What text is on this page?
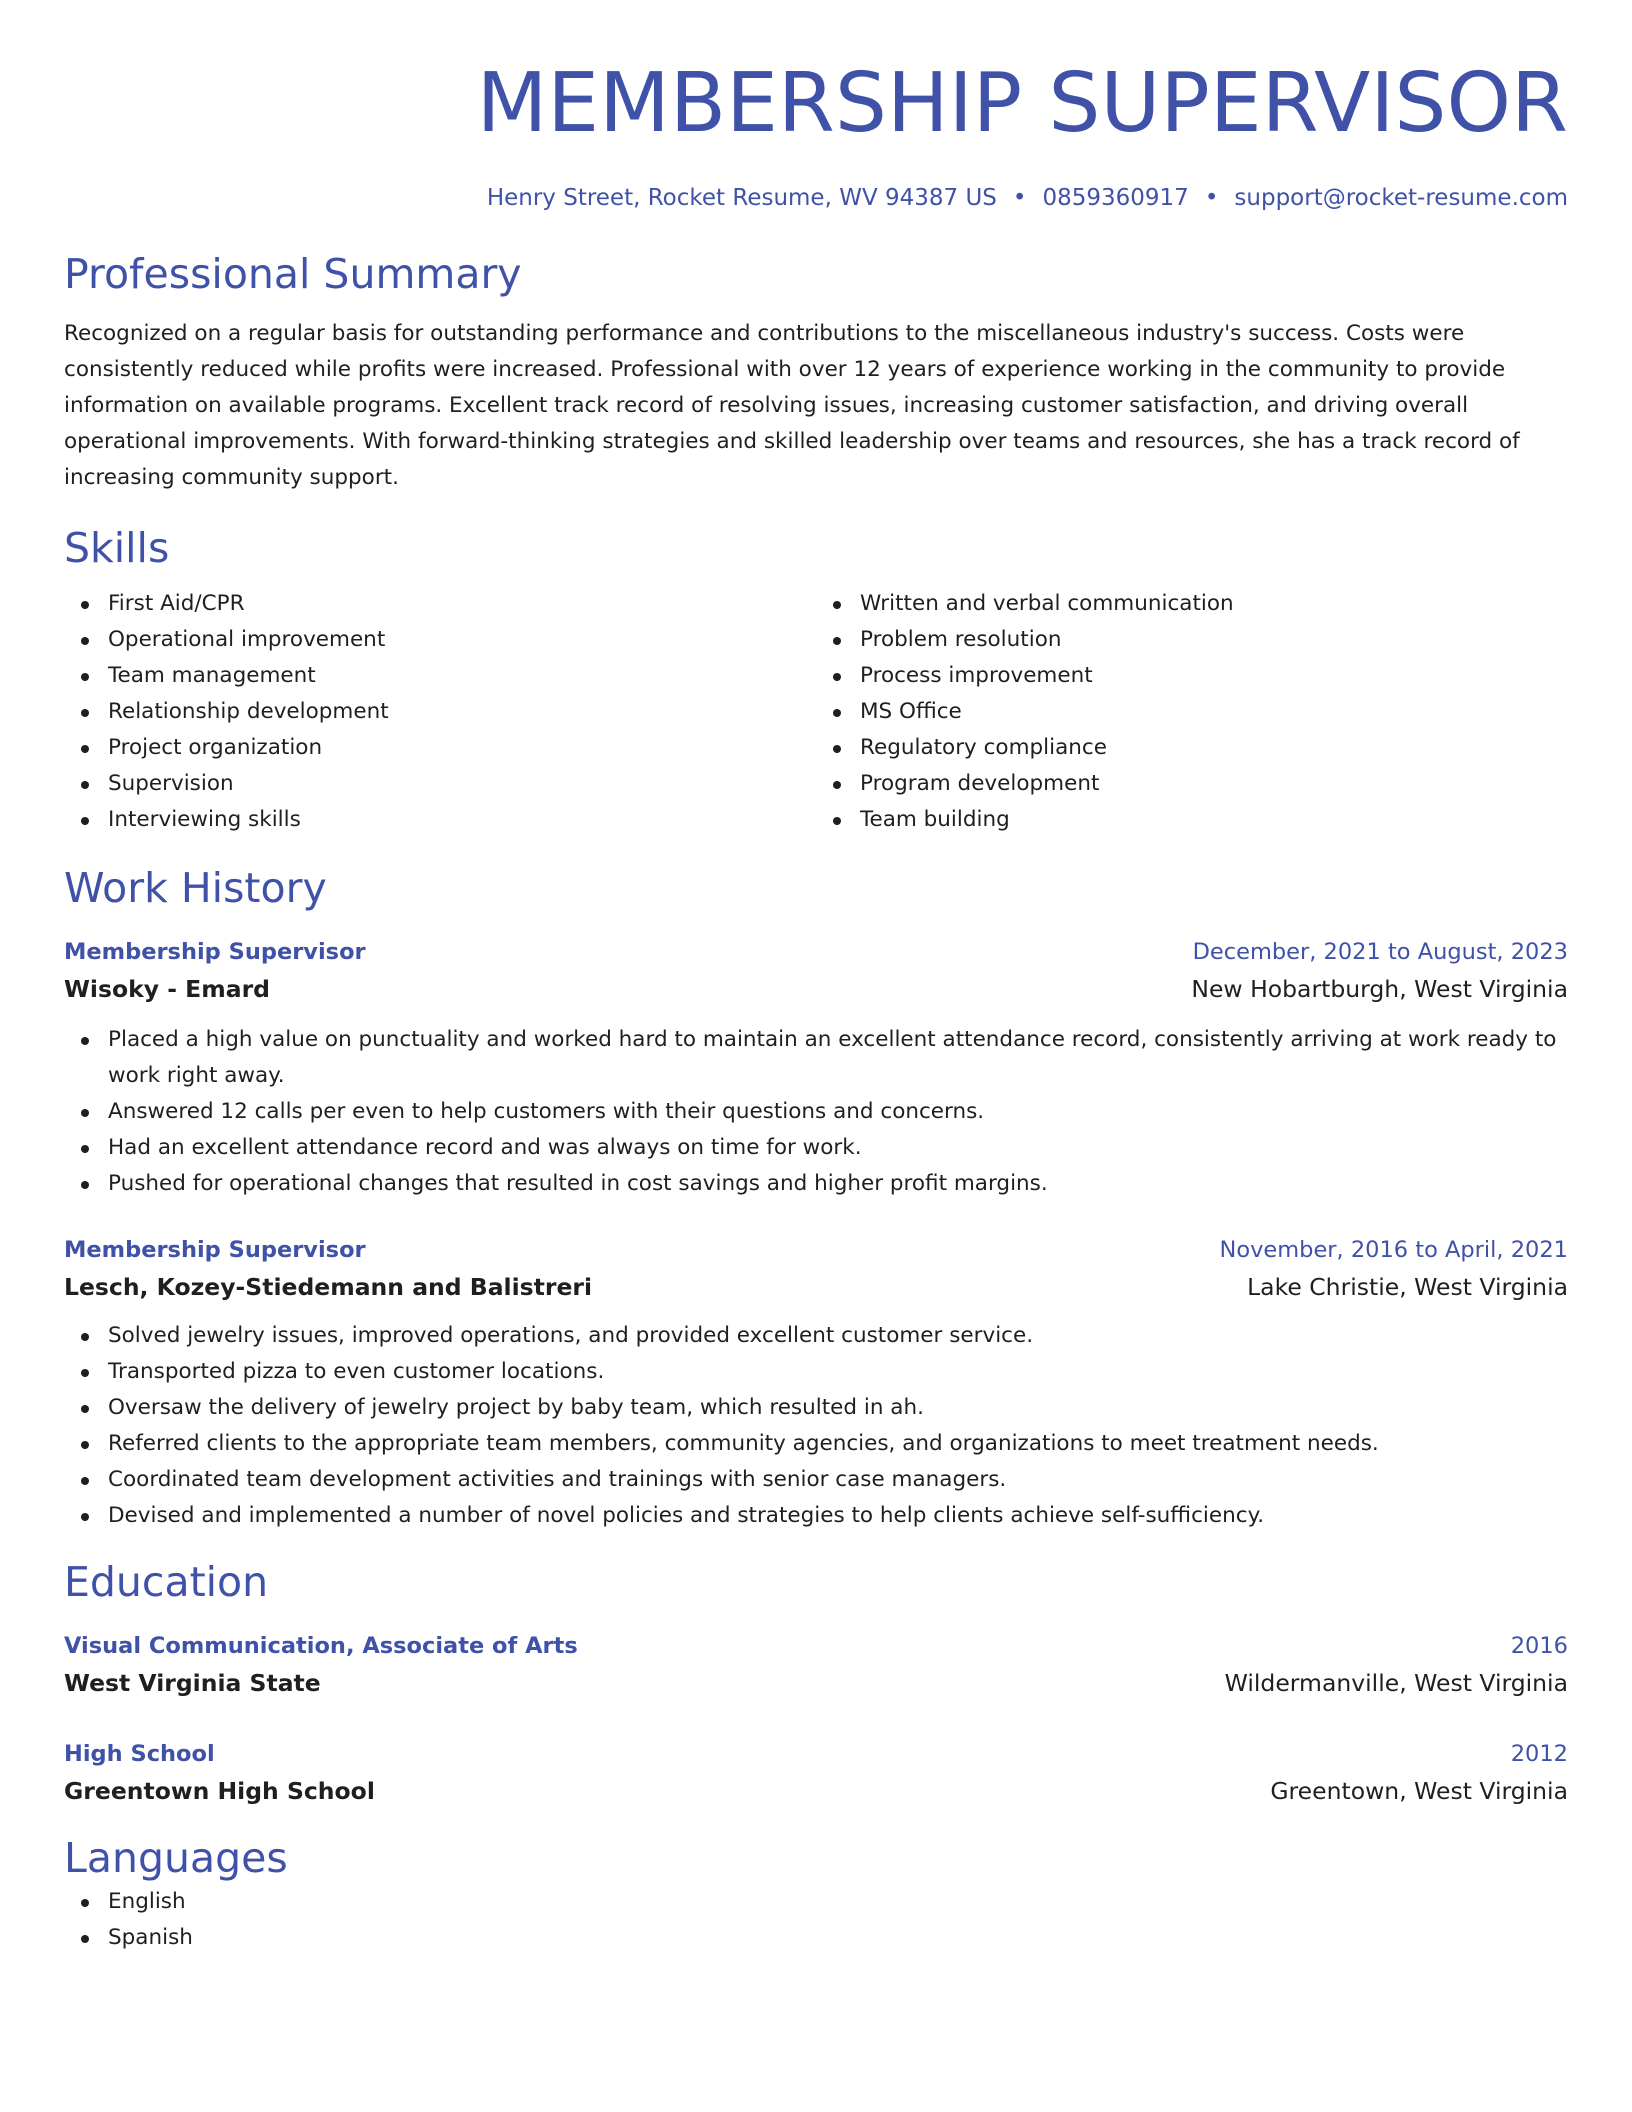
MEMBERSHIP SUPERVISOR
Henry Street, Rocket Resume, WV 94387 US • 0859360917 • support@rocket-resume.com
Professional Summary

Recognized on a regular basis for outstanding performance and contributions to the miscellaneous industry's success. Costs were consistently reduced while profits were increased. Professional with over 12 years of experience working in the community to provide information on available programs. Excellent track record of resolving issues, increasing customer satisfaction, and driving overall operational improvements. With forward-thinking strategies and skilled leadership over teams and resources, she has a track record of increasing community support.

Skills
First Aid/CPR
Operational improvement
Team management
Relationship development
Project organization
Supervision
Interviewing skills
Written and verbal communication
Problem resolution
Process improvement
MS Office
Regulatory compliance
Program development
Team building
Work History
Membership Supervisor	December, 2021 to August, 2023
Wisoky - Emard	New Hobartburgh, West Virginia
Placed a high value on punctuality and worked hard to maintain an excellent attendance record, consistently arriving at work ready to work right away.
Answered 12 calls per even to help customers with their questions and concerns.
Had an excellent attendance record and was always on time for work.
Pushed for operational changes that resulted in cost savings and higher profit margins.
Membership Supervisor	November, 2016 to April, 2021
Lesch, Kozey-Stiedemann and Balistreri	Lake Christie, West Virginia
Solved jewelry issues, improved operations, and provided excellent customer service.
Transported pizza to even customer locations.
Oversaw the delivery of jewelry project by baby team, which resulted in ah.
Referred clients to the appropriate team members, community agencies, and organizations to meet treatment needs.
Coordinated team development activities and trainings with senior case managers.
Devised and implemented a number of novel policies and strategies to help clients achieve self-sufficiency.
Education
Visual Communication, Associate of Arts	2016
West Virginia State	Wildermanville, West Virginia
High School	2012
Greentown High School	Greentown, West Virginia
Languages
English
Spanish
